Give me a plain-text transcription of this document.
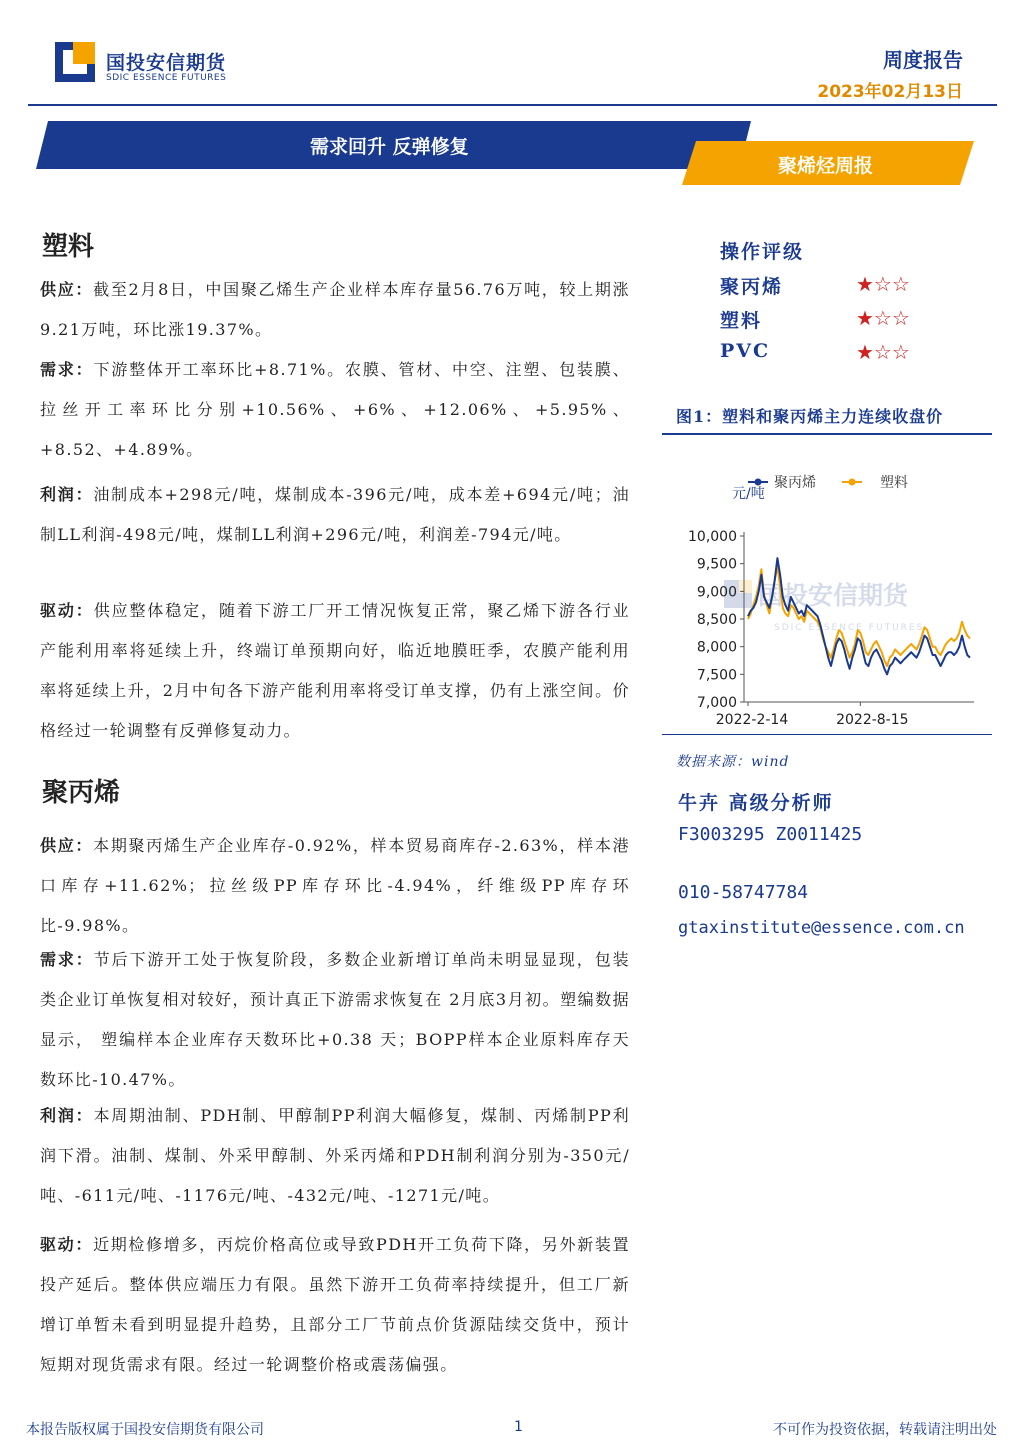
国投安信期货
SDIC ESSENCE FUTURES
周度报告
2023年02月13日
需求回升 反弹修复
聚烯烃周报
塑料
供应：截至2月8日，中国聚乙烯生产企业样本库存量56.76万吨，较上期涨9.21万吨，环比涨19.37%。
需求：下游整体开工率环比+8.71%。农膜、管材、中空、注塑、包装膜、拉丝开工率环比分别+10.56%、+6%、+12.06%、+5.95%、+8.52、+4.89%。
利润：油制成本+298元/吨，煤制成本-396元/吨，成本差+694元/吨；油制LL利润-498元/吨，煤制LL利润+296元/吨，利润差-794元/吨。
驱动：供应整体稳定，随着下游工厂开工情况恢复正常，聚乙烯下游各行业产能利用率将延续上升，终端订单预期向好，临近地膜旺季，农膜产能利用率将延续上升，2月中旬各下游产能利用率将受订单支撑，仍有上涨空间。价格经过一轮调整有反弹修复动力。
聚丙烯
供应：本期聚丙烯生产企业库存-0.92%，样本贸易商库存-2.63%，样本港口库存+11.62%；拉丝级PP库存环比-4.94%，纤维级PP库存环比-9.98%。
需求：节后下游开工处于恢复阶段，多数企业新增订单尚未明显显现，包装类企业订单恢复相对较好，预计真正下游需求恢复在 2月底3月初。塑编数据显示， 塑编样本企业库存天数环比+0.38 天；BOPP样本企业原料库存天数环比-10.47%。
利润：本周期油制、PDH制、甲醇制PP利润大幅修复，煤制、丙烯制PP利润下滑。油制、煤制、外采甲醇制、外采丙烯和PDH制利润分别为-350元/吨、-611元/吨、-1176元/吨、-432元/吨、-1271元/吨。
驱动：近期检修增多，丙烷价格高位或导致PDH开工负荷下降，另外新装置投产延后。整体供应端压力有限。虽然下游开工负荷率持续提升，但工厂新增订单暂未看到明显提升趋势，且部分工厂节前点价货源陆续交货中，预计短期对现货需求有限。经过一轮调整价格或震荡偏强。
操作评级
聚丙烯	★☆☆
塑料	★☆☆
PVC	★☆☆
图1：塑料和聚丙烯主力连续收盘价
聚丙烯	塑料
元/吨
国投安信期货
SDIC ESSENCE FUTURES
10,000
9,500
9,000
8,500
8,000
7,500
7,000
2022-2-14	2022-8-15
数据来源：wind
牛卉 高级分析师
F3003295 Z0011425
010-58747784
gtaxinstitute@essence.com.cn
本报告版权属于国投安信期货有限公司	1	不可作为投资依据，转载请注明出处
